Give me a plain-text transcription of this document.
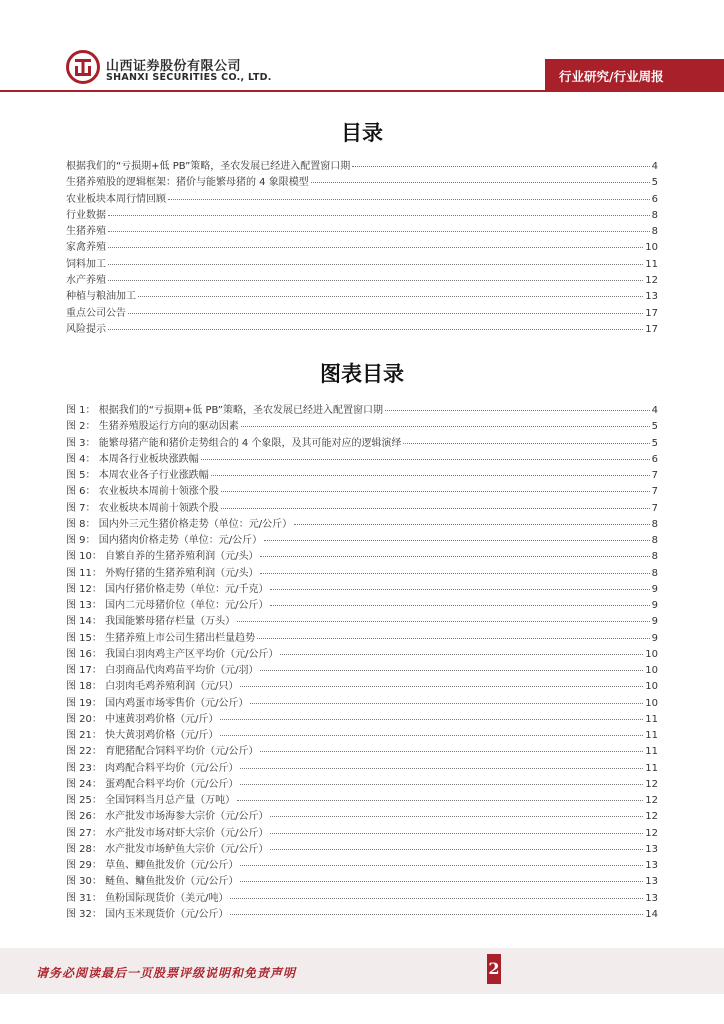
山西证券股份有限公司
SHANXI SECURITIES CO., LTD.	行业研究/行业周报
目录
根据我们的“亏损期+低 PB”策略，圣农发展已经进入配置窗口期	4
生猪养殖股的逻辑框架：猪价与能繁母猪的 4 象限模型	5
农业板块本周行情回顾	6
行业数据	8
生猪养殖	8
家禽养殖	10
饲料加工	11
水产养殖	12
种植与粮油加工	13
重点公司公告	17
风险提示	17
图表目录
图 1： 根据我们的“亏损期+低 PB”策略，圣农发展已经进入配置窗口期	4
图 2： 生猪养殖股运行方向的驱动因素	5
图 3： 能繁母猪产能和猪价走势组合的 4 个象限，及其可能对应的逻辑演绎	5
图 4： 本周各行业板块涨跌幅	6
图 5： 本周农业各子行业涨跌幅	7
图 6： 农业板块本周前十领涨个股	7
图 7： 农业板块本周前十领跌个股	7
图 8： 国内外三元生猪价格走势（单位：元/公斤）	8
图 9： 国内猪肉价格走势（单位：元/公斤）	8
图 10： 自繁自养的生猪养殖利润（元/头）	8
图 11： 外购仔猪的生猪养殖利润（元/头）	8
图 12： 国内仔猪价格走势（单位：元/千克）	9
图 13： 国内二元母猪价位（单位：元/公斤）	9
图 14： 我国能繁母猪存栏量（万头）	9
图 15： 生猪养殖上市公司生猪出栏量趋势	9
图 16： 我国白羽肉鸡主产区平均价（元/公斤）	10
图 17： 白羽商品代肉鸡苗平均价（元/羽）	10
图 18： 白羽肉毛鸡养殖利润（元/只）	10
图 19： 国内鸡蛋市场零售价（元/公斤）	10
图 20： 中速黄羽鸡价格（元/斤）	11
图 21： 快大黄羽鸡价格（元/斤）	11
图 22： 育肥猪配合饲料平均价（元/公斤）	11
图 23： 肉鸡配合料平均价（元/公斤）	11
图 24： 蛋鸡配合料平均价（元/公斤）	12
图 25： 全国饲料当月总产量（万吨）	12
图 26： 水产批发市场海参大宗价（元/公斤）	12
图 27： 水产批发市场对虾大宗价（元/公斤）	12
图 28： 水产批发市场鲈鱼大宗价（元/公斤）	13
图 29： 草鱼、鲫鱼批发价（元/公斤）	13
图 30： 鲢鱼、鳙鱼批发价（元/公斤）	13
图 31： 鱼粉国际现货价（美元/吨）	13
图 32： 国内玉米现货价（元/公斤）	14
请务必阅读最后一页股票评级说明和免责声明	2
